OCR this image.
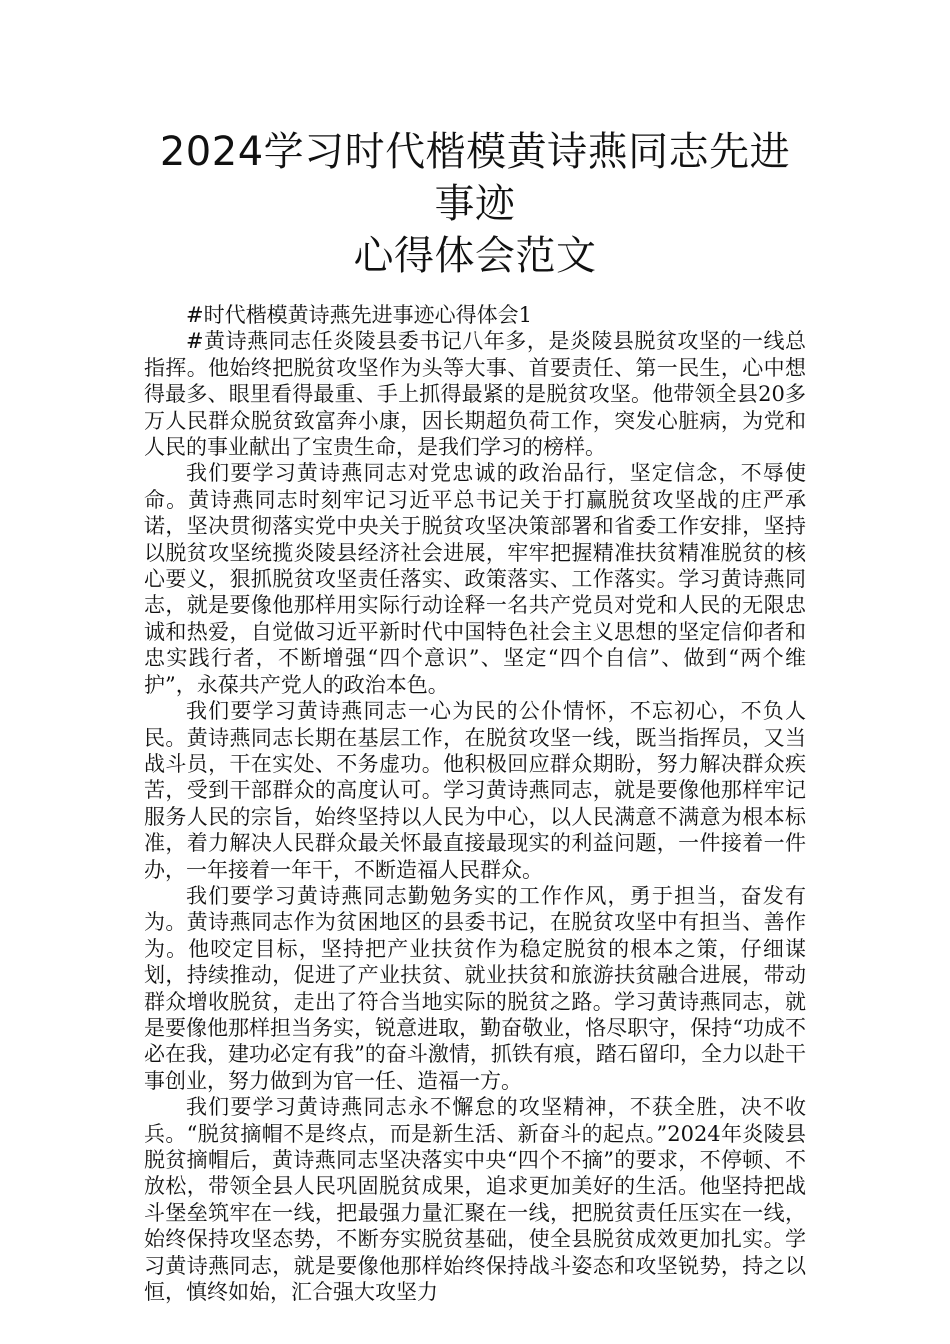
2024学习时代楷模黄诗燕同志先进事迹
心得体会范文

#时代楷模黄诗燕先进事迹心得体会1

#黄诗燕同志任炎陵县委书记八年多，是炎陵县脱贫攻坚的一线总指挥。他始终把脱贫攻坚作为头等大事、首要责任、第一民生，心中想得最多、眼里看得最重、手上抓得最紧的是脱贫攻坚。他带领全县20多万人民群众脱贫致富奔小康，因长期超负荷工作，突发心脏病，为党和人民的事业献出了宝贵生命，是我们学习的榜样。

我们要学习黄诗燕同志对党忠诚的政治品行，坚定信念，不辱使命。黄诗燕同志时刻牢记习近平总书记关于打赢脱贫攻坚战的庄严承诺，坚决贯彻落实党中央关于脱贫攻坚决策部署和省委工作安排，坚持以脱贫攻坚统揽炎陵县经济社会进展，牢牢把握精准扶贫精准脱贫的核心要义，狠抓脱贫攻坚责任落实、政策落实、工作落实。学习黄诗燕同志，就是要像他那样用实际行动诠释一名共产党员对党和人民的无限忠诚和热爱，自觉做习近平新时代中国特色社会主义思想的坚定信仰者和忠实践行者，不断增强“四个意识”、坚定“四个自信”、做到“两个维护”，永葆共产党人的政治本色。

我们要学习黄诗燕同志一心为民的公仆情怀，不忘初心，不负人民。黄诗燕同志长期在基层工作，在脱贫攻坚一线，既当指挥员，又当战斗员，干在实处、不务虚功。他积极回应群众期盼，努力解决群众疾苦，受到干部群众的高度认可。学习黄诗燕同志，就是要像他那样牢记服务人民的宗旨，始终坚持以人民为中心，以人民满意不满意为根本标准，着力解决人民群众最关怀最直接最现实的利益问题，一件接着一件办，一年接着一年干，不断造福人民群众。

我们要学习黄诗燕同志勤勉务实的工作作风，勇于担当，奋发有为。黄诗燕同志作为贫困地区的县委书记，在脱贫攻坚中有担当、善作为。他咬定目标，坚持把产业扶贫作为稳定脱贫的根本之策，仔细谋划，持续推动，促进了产业扶贫、就业扶贫和旅游扶贫融合进展，带动群众增收脱贫，走出了符合当地实际的脱贫之路。学习黄诗燕同志，就是要像他那样担当务实，锐意进取，勤奋敬业，恪尽职守，保持“功成不必在我，建功必定有我”的奋斗激情，抓铁有痕，踏石留印，全力以赴干事创业，努力做到为官一任、造福一方。

我们要学习黄诗燕同志永不懈怠的攻坚精神，不获全胜，决不收兵。“脱贫摘帽不是终点，而是新生活、新奋斗的起点。”2024年炎陵县脱贫摘帽后，黄诗燕同志坚决落实中央“四个不摘”的要求，不停顿、不放松，带领全县人民巩固脱贫成果，追求更加美好的生活。他坚持把战斗堡垒筑牢在一线，把最强力量汇聚在一线，把脱贫责任压实在一线，始终保持攻坚态势，不断夯实脱贫基础，使全县脱贫成效更加扎实。学习黄诗燕同志，就是要像他那样始终保持战斗姿态和攻坚锐势，持之以恒，慎终如始，汇合强大攻坚力
